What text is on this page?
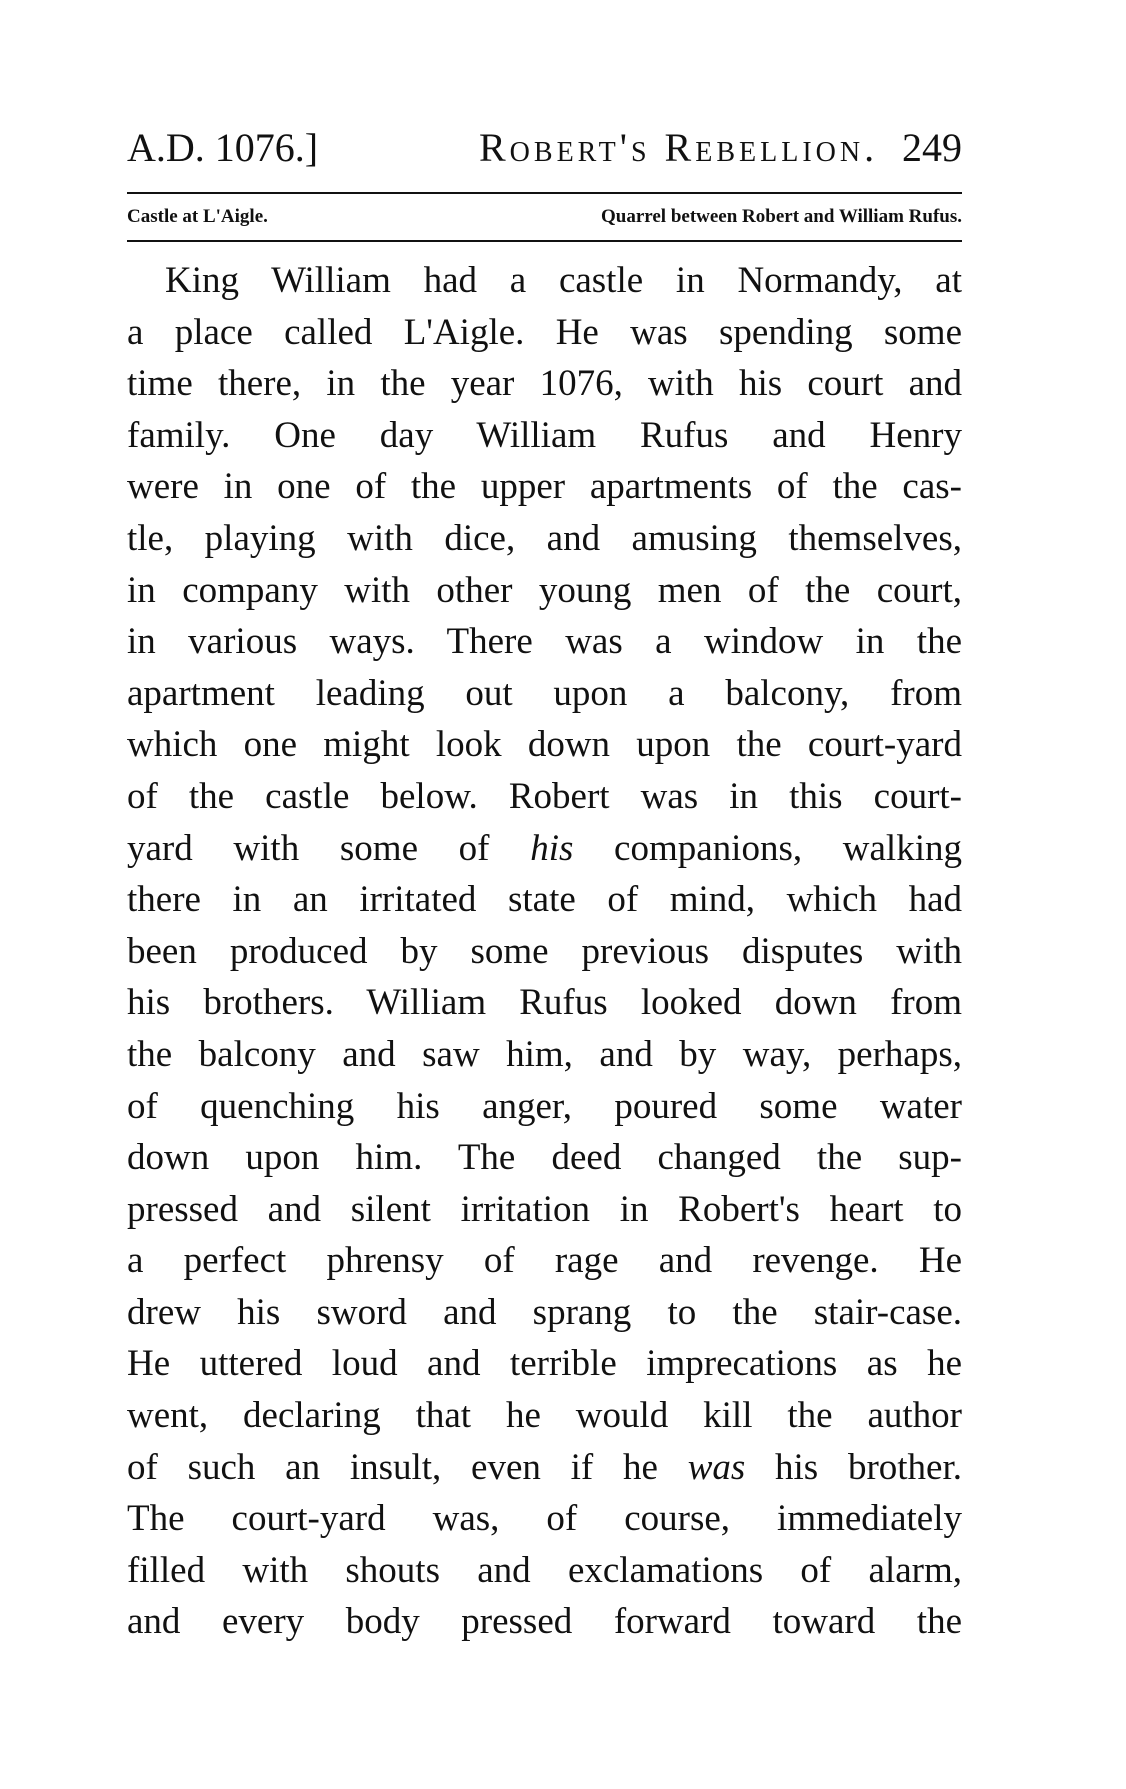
A.D. 1076.]	Robert's Rebellion. 249
Castle at L'Aigle.	Quarrel between Robert and William Rufus.
King William had a castle in Normandy, at
a place called L'Aigle. He was spending some
time there, in the year 1076, with his court and
family. One day William Rufus and Henry
were in one of the upper apartments of the cas-
tle, playing with dice, and amusing themselves,
in company with other young men of the court,
in various ways. There was a window in the
apartment leading out upon a balcony, from
which one might look down upon the court-yard
of the castle below. Robert was in this court-
yard with some of his companions, walking
there in an irritated state of mind, which had
been produced by some previous disputes with
his brothers. William Rufus looked down from
the balcony and saw him, and by way, perhaps,
of quenching his anger, poured some water
down upon him. The deed changed the sup-
pressed and silent irritation in Robert's heart to
a perfect phrensy of rage and revenge. He
drew his sword and sprang to the stair-case.
He uttered loud and terrible imprecations as he
went, declaring that he would kill the author
of such an insult, even if he was his brother.
The court-yard was, of course, immediately
filled with shouts and exclamations of alarm,
and every body pressed forward toward the
